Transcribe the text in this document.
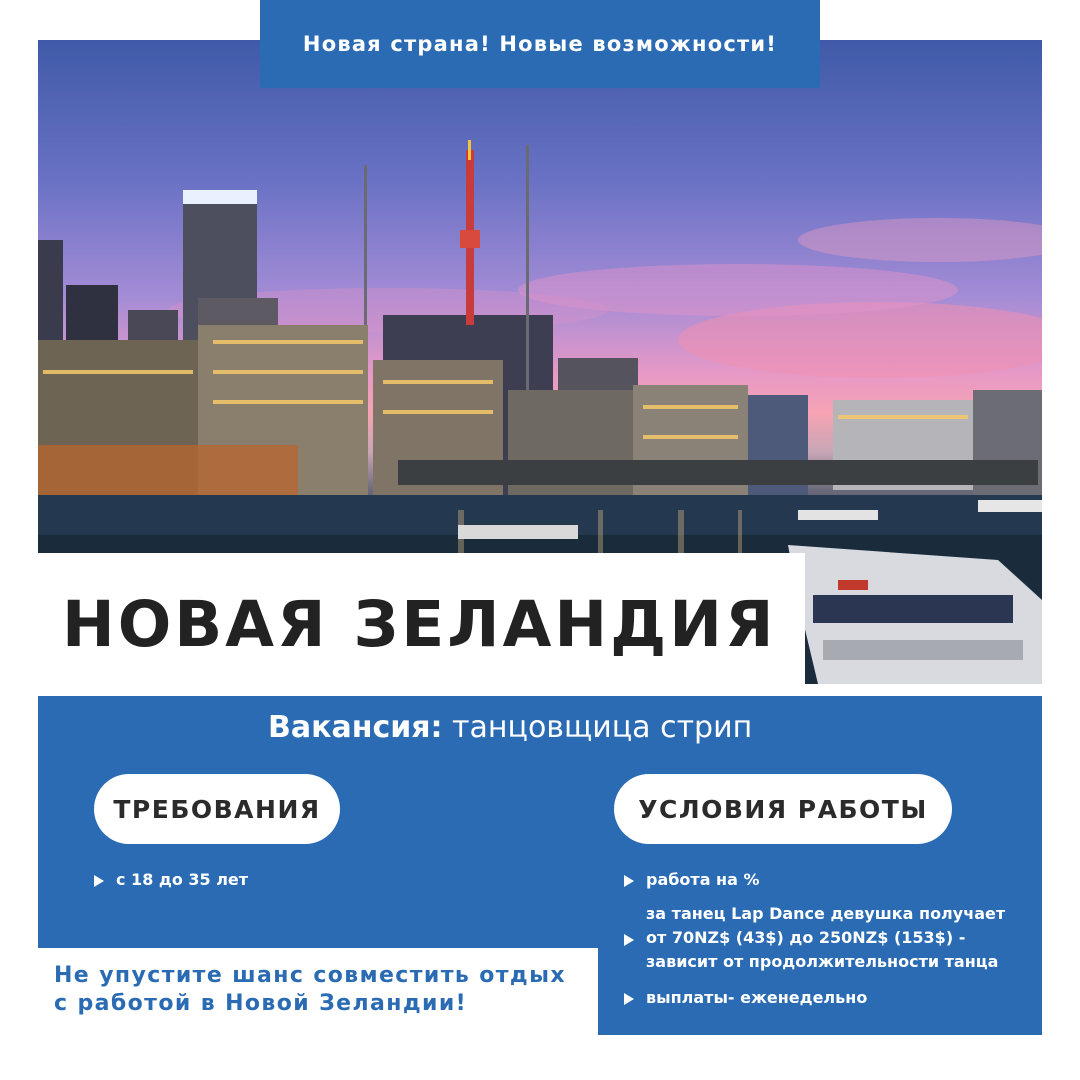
Новая страна! Новые возможности!
НОВАЯ ЗЕЛАНДИЯ
Вакансия: танцовщица стрип
ТРЕБОВАНИЯ	УСЛОВИЯ РАБОТЫ
с 18 до 35 лет	работа на %
за танец Lap Dance девушка получает
от 70NZ$ (43$) до 250NZ$ (153$) -
зависит от продолжительности танца
выплаты- еженедельно
Не упустите шанс совместить отдых
с работой в Новой Зеландии!
